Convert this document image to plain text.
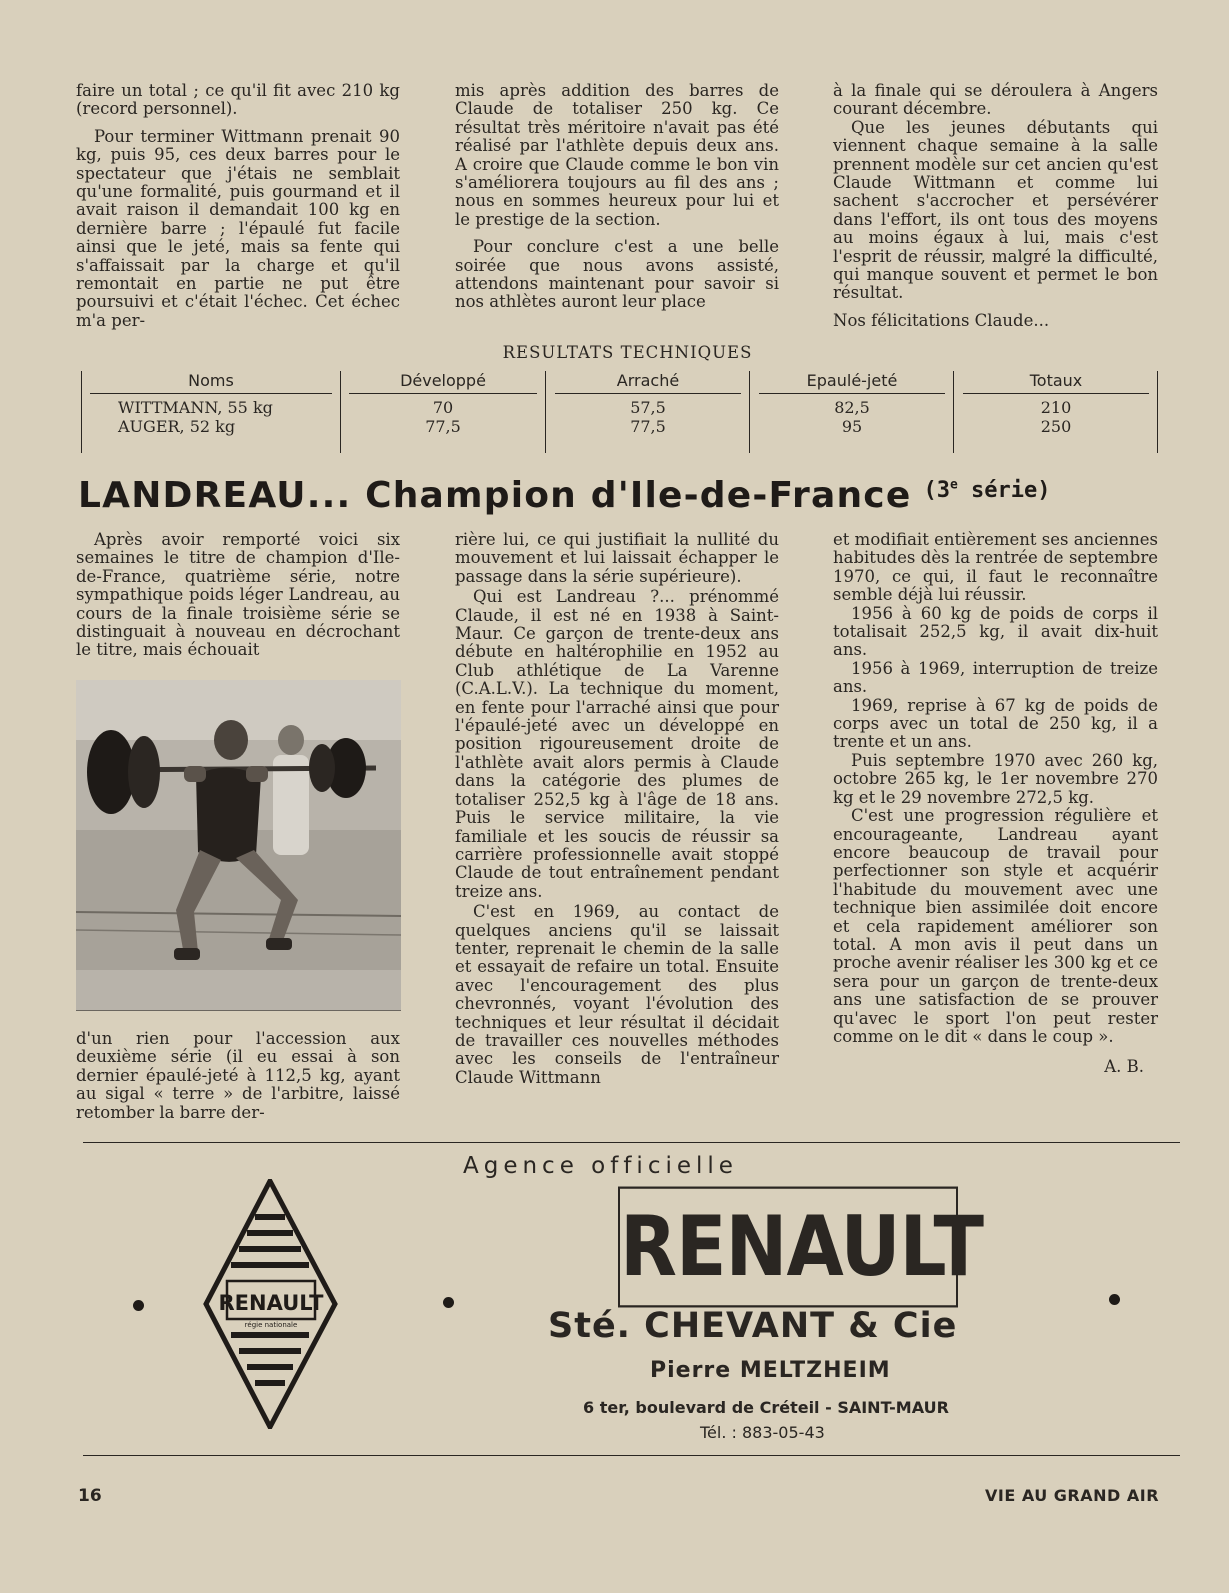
faire un total ; ce qu'il fit avec 210 kg (record personnel).

Pour terminer Wittmann prenait 90 kg, puis 95, ces deux barres pour le spectateur que j'étais ne semblait qu'une formalité, puis gourmand et il avait raison il demandait 100 kg en dernière barre ; l'épaulé fut facile ainsi que le jeté, mais sa fente qui s'affaissait par la charge et qu'il remontait en partie ne put être poursuivi et c'était l'échec. Cet échec m'a per-

mis après addition des barres de Claude de totaliser 250 kg. Ce résultat très méritoire n'avait pas été réalisé par l'athlète depuis deux ans. A croire que Claude comme le bon vin s'améliorera toujours au fil des ans ; nous en sommes heureux pour lui et le prestige de la section.

Pour conclure c'est a une belle soirée que nous avons assisté, attendons maintenant pour savoir si nos athlètes auront leur place

à la finale qui se déroulera à Angers courant décembre.

Que les jeunes débutants qui viennent chaque semaine à la salle prennent modèle sur cet ancien qu'est Claude Wittmann et comme lui sachent s'accrocher et persévérer dans l'effort, ils ont tous des moyens au moins égaux à lui, mais c'est l'esprit de réussir, malgré la difficulté, qui manque souvent et permet le bon résultat.

Nos félicitations Claude...

RESULTATS TECHNIQUES
Noms
WITTMANN, 55 kg
AUGER, 52 kg
Développé
70
77,5
Arraché
57,5
77,5
Epaulé-jeté
82,5
95
Totaux
210
250
LANDREAU... Champion d'Ile-de-France $^{(3^e série)}$

Après avoir remporté voici six semaines le titre de champion d'Ile-de-France, quatrième série, notre sympathique poids léger Landreau, au cours de la finale troisième série se distinguait à nouveau en décrochant le titre, mais échouait

d'un rien pour l'accession aux deuxième série (il eu essai à son dernier épaulé-jeté à 112,5 kg, ayant au sigal « terre » de l'arbitre, laissé retomber la barre der-

rière lui, ce qui justifiait la nullité du mouvement et lui laissait échapper le passage dans la série supérieure).

Qui est Landreau ?... prénommé Claude, il est né en 1938 à Saint-Maur. Ce garçon de trente-deux ans débute en haltérophilie en 1952 au Club athlétique de La Varenne (C.A.L.V.). La technique du moment, en fente pour l'arraché ainsi que pour l'épaulé-jeté avec un développé en position rigoureusement droite de l'athlète avait alors permis à Claude dans la catégorie des plumes de totaliser 252,5 kg à l'âge de 18 ans. Puis le service militaire, la vie familiale et les soucis de réussir sa carrière professionnelle avait stoppé Claude de tout entraînement pendant treize ans.

C'est en 1969, au contact de quelques anciens qu'il se laissait tenter, reprenait le chemin de la salle et essayait de refaire un total. Ensuite avec l'encouragement des plus chevronnés, voyant l'évolution des techniques et leur résultat il décidait de travailler ces nouvelles méthodes avec les conseils de l'entraîneur Claude Wittmann

et modifiait entièrement ses anciennes habitudes dès la rentrée de septembre 1970, ce qui, il faut le reconnaître semble déjà lui réussir.

1956 à 60 kg de poids de corps il totalisait 252,5 kg, il avait dix-huit ans.

1956 à 1969, interruption de treize ans.

1969, reprise à 67 kg de poids de corps avec un total de 250 kg, il a trente et un ans.

Puis septembre 1970 avec 260 kg, octobre 265 kg, le 1er novembre 270 kg et le 29 novembre 272,5 kg.

C'est une progression régulière et encourageante, Landreau ayant encore beaucoup de travail pour perfectionner son style et acquérir l'habitude du mouvement avec une technique bien assimilée doit encore et cela rapidement améliorer son total. A mon avis il peut dans un proche avenir réaliser les 300 kg et ce sera pour un garçon de trente-deux ans une satisfaction de se prouver qu'avec le sport l'on peut rester comme on le dit « dans le coup ».

A. B.

Agence officielle
RENAULT
régie nationale
RENAULT
Sté. CHEVANT & Cie
Pierre MELTZHEIM
6 ter, boulevard de Créteil - SAINT-MAUR
Tél. : 883-05-43
16	VIE AU GRAND AIR
